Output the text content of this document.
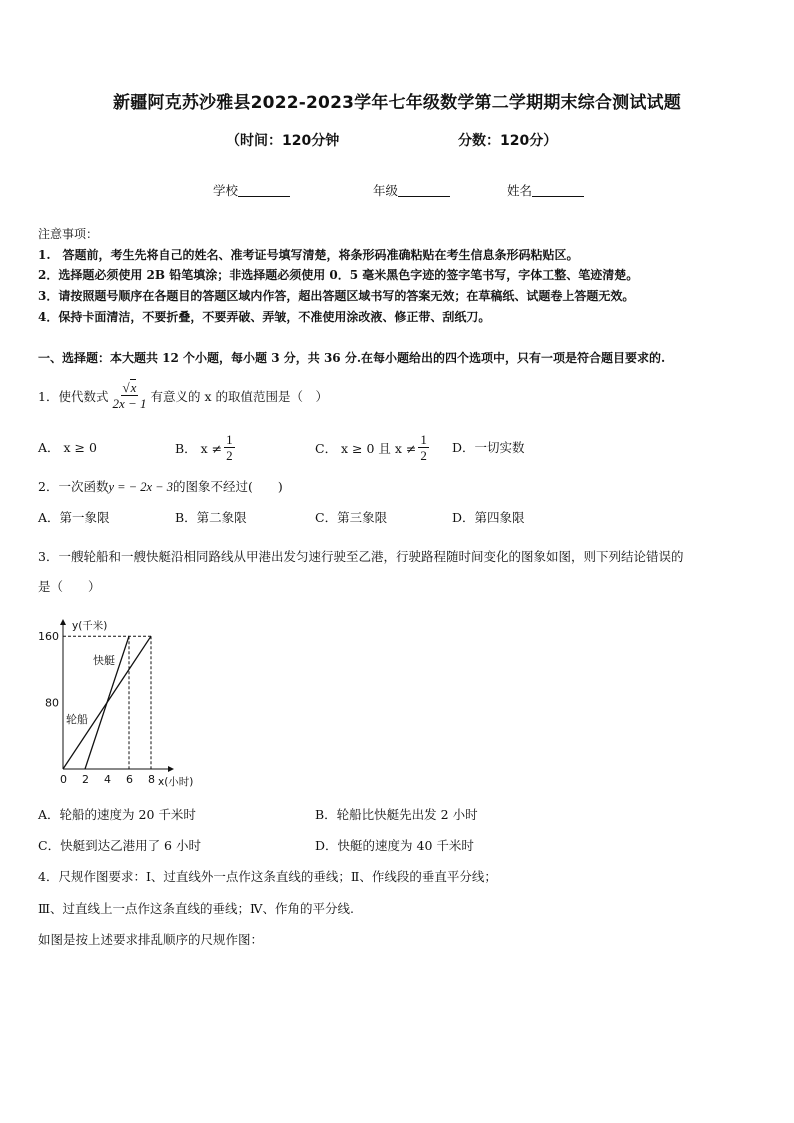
新疆阿克苏沙雅县2022-2023学年七年级数学第二学期期末综合测试试题
（时间：120分钟	分数：120分）
学校	年级	姓名
注意事项：
1.　答题前，考生先将自己的姓名、准考证号填写清楚，将条形码准确粘贴在考生信息条形码粘贴区。
2．选择题必须使用 2B 铅笔填涂；非选择题必须使用 0．5 毫米黑色字迹的签字笔书写，字体工整、笔迹清楚。
3．请按照题号顺序在各题目的答题区域内作答，超出答题区域书写的答案无效；在草稿纸、试题卷上答题无效。
4．保持卡面清洁，不要折叠，不要弄破、弄皱，不准使用涂改液、修正带、刮纸刀。
一、选择题：本大题共 12 个小题，每小题 3 分，共 36 分.在每小题给出的四个选项中，只有一项是符合题目要求的.
1．使代数式 $\frac{√x}{2x - 1}$ 有意义的 x 的取值范围是（　）
A． x ≥ 0	B． $x \ne \frac{1}{2}$	C． x ≥ 0 且 $x \ne \frac{1}{2}$ D．一切实数
2．一次函数y = − 2x − 3的图象不经过(　　)
A．第一象限	B．第二象限	C．第三象限	D．第四象限
3．一艘轮船和一艘快艇沿相同路线从甲港出发匀速行驶至乙港，行驶路程随时间变化的图象如图，则下列结论错误的
是（　　）
0 2 4 6 8
80
160
y(千米)
x(小时)
快艇
轮船
A．轮船的速度为 20 千米时	B．轮船比快艇先出发 2 小时
C．快艇到达乙港用了 6 小时	D．快艇的速度为 40 千米时
4．尺规作图要求：Ⅰ、过直线外一点作这条直线的垂线；Ⅱ、作线段的垂直平分线；
Ⅲ、过直线上一点作这条直线的垂线；Ⅳ、作角的平分线.
如图是按上述要求排乱顺序的尺规作图：
